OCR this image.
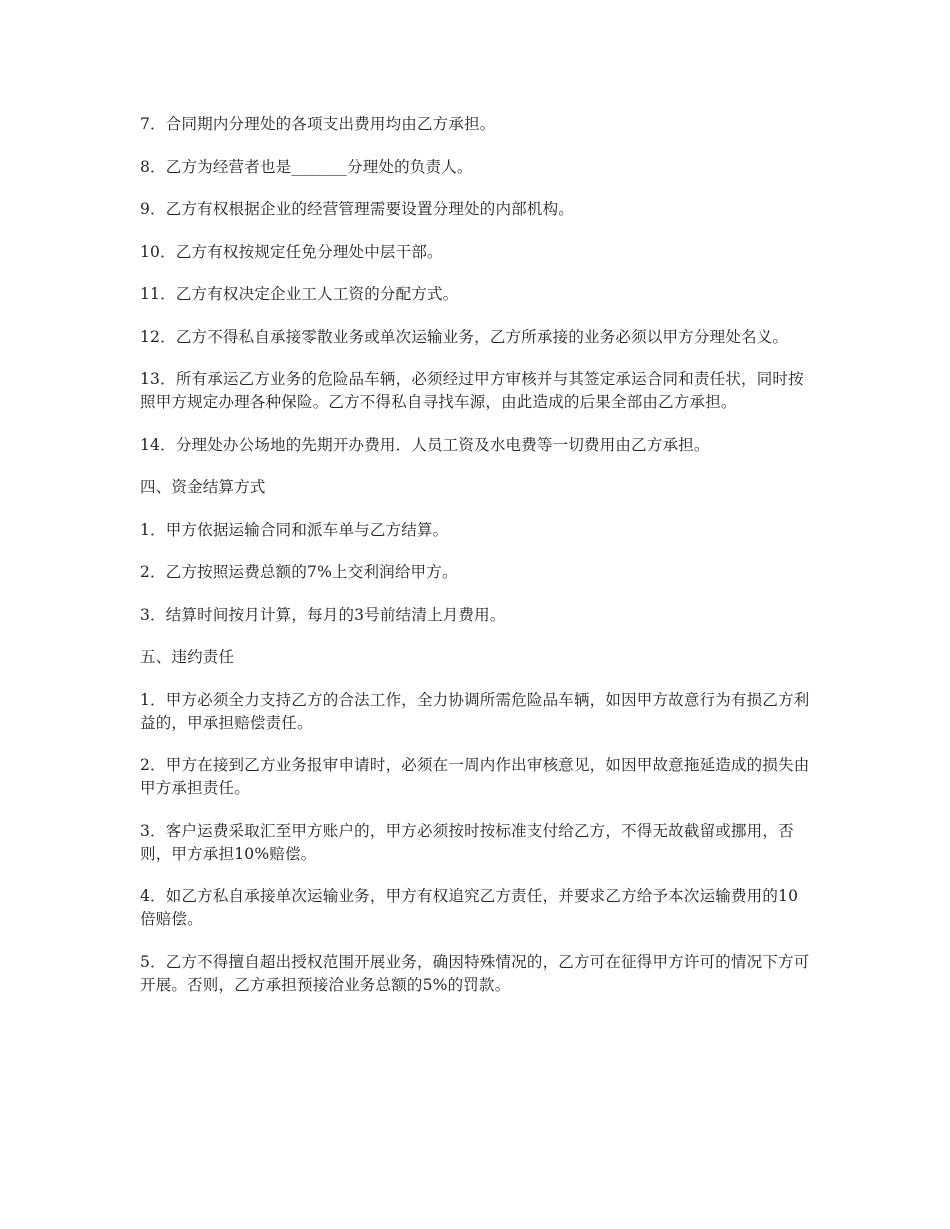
7．合同期内分理处的各项支出费用均由乙方承担。

8．乙方为经营者也是_______分理处的负责人。

9．乙方有权根据企业的经营管理需要设置分理处的内部机构。

10．乙方有权按规定任免分理处中层干部。

11．乙方有权决定企业工人工资的分配方式。

12．乙方不得私自承接零散业务或单次运输业务，乙方所承接的业务必须以甲方分理处名义。

13．所有承运乙方业务的危险品车辆，必须经过甲方审核并与其签定承运合同和责任状，同时按照甲方规定办理各种保险。乙方不得私自寻找车源，由此造成的后果全部由乙方承担。

14．分理处办公场地的先期开办费用．人员工资及水电费等一切费用由乙方承担。

四、资金结算方式

1．甲方依据运输合同和派车单与乙方结算。

2．乙方按照运费总额的7%上交利润给甲方。

3．结算时间按月计算，每月的3号前结清上月费用。

五、违约责任

1．甲方必须全力支持乙方的合法工作，全力协调所需危险品车辆，如因甲方故意行为有损乙方利益的，甲承担赔偿责任。

2．甲方在接到乙方业务报审申请时，必须在一周内作出审核意见，如因甲故意拖延造成的损失由甲方承担责任。

3．客户运费采取汇至甲方账户的，甲方必须按时按标准支付给乙方，不得无故截留或挪用，否则，甲方承担10%赔偿。

4．如乙方私自承接单次运输业务，甲方有权追究乙方责任，并要求乙方给予本次运输费用的10倍赔偿。

5．乙方不得擅自超出授权范围开展业务，确因特殊情况的，乙方可在征得甲方许可的情况下方可开展。否则，乙方承担预接洽业务总额的5%的罚款。
